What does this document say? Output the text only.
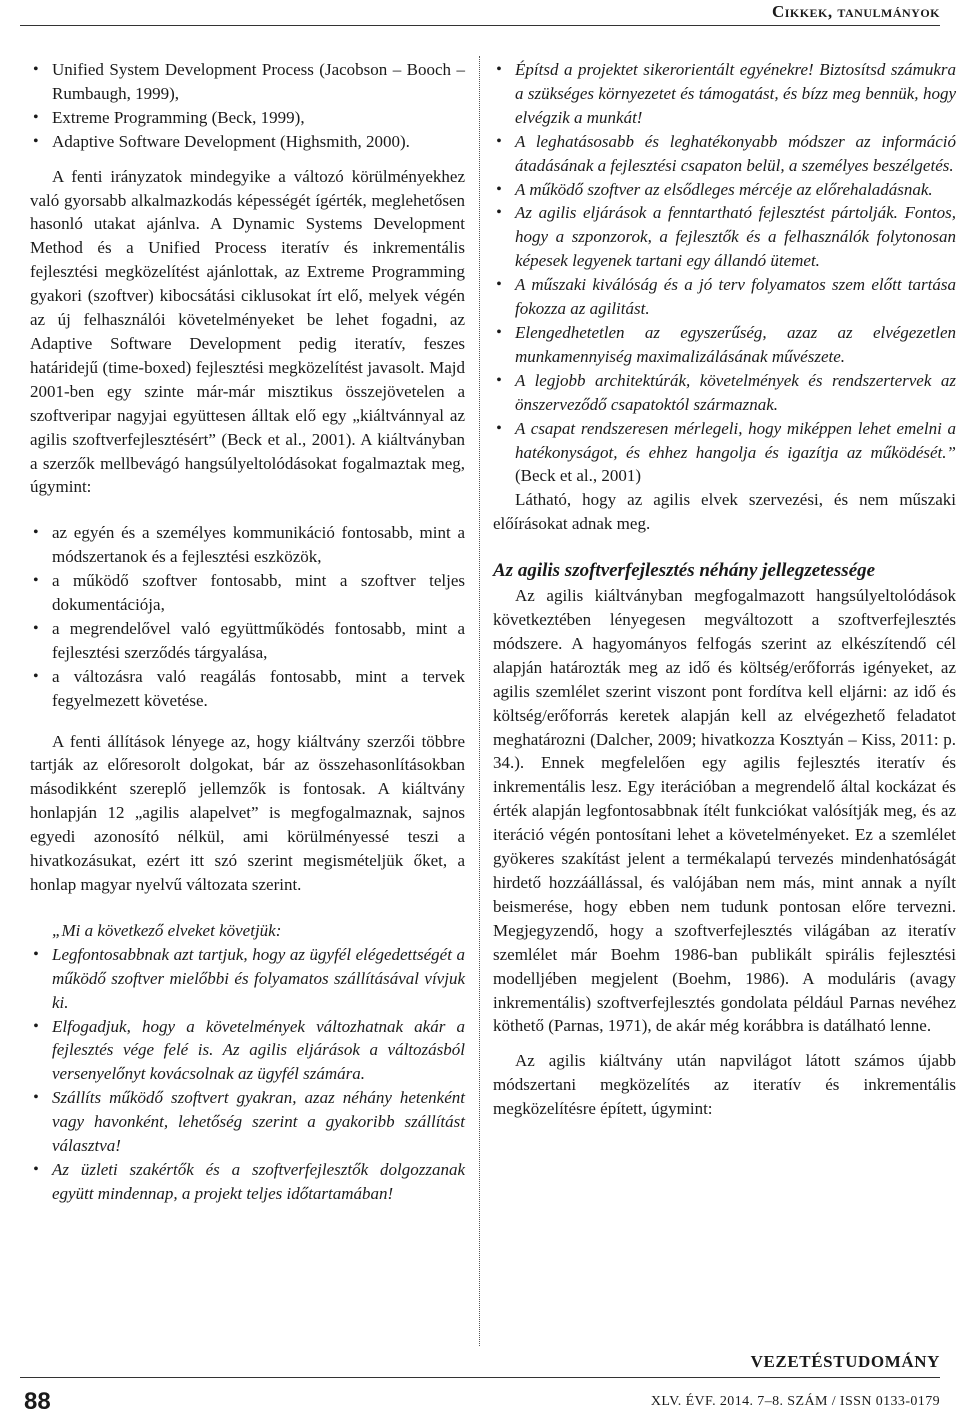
Cikkek, tanulmányok
• Unified System Development Process (Jacobson – Booch – Rumbaugh, 1999),
• Extreme Programming (Beck, 1999),
• Adaptive Software Development (Highsmith, 2000).

A fenti irányzatok mindegyike a változó körülményekhez való gyorsabb alkalmazkodás képességét ígérték, meglehetősen hasonló utakat ajánlva. A Dynamic Systems Development Method és a Unified Process iteratív és inkrementális fejlesztési megközelítést ajánlottak, az Extreme Programming gyakori (szoftver) kibocsátási ciklusokat írt elő, melyek végén az új felhasználói követelményeket be lehet fogadni, az Adaptive Software Development pedig iteratív, feszes határidejű (time-boxed) fejlesztési megközelítést javasolt. Majd 2001-ben egy szinte már-már misztikus összejövetelen a szoftveripar nagyjai együttesen álltak elő egy „kiáltvánnyal az agilis szoftverfejlesztésért” (Beck et al., 2001). A kiáltványban a szerzők mellbevágó hangsúlyeltolódásokat fogalmaztak meg, úgymint:

• az egyén és a személyes kommunikáció fontosabb, mint a módszertanok és a fejlesztési eszközök,
• a működő szoftver fontosabb, mint a szoftver teljes dokumentációja,
• a megrendelővel való együttműködés fontosabb, mint a fejlesztési szerződés tárgyalása,
• a változásra való reagálás fontosabb, mint a tervek fegyelmezett követése.

A fenti állítások lényege az, hogy kiáltvány szerzői többre tartják az előresorolt dolgokat, bár az összehasonlításokban másodikként szereplő jellemzők is fontosak. A kiáltvány honlapján 12 „agilis alapelvet” is megfogalmaznak, sajnos egyedi azonosító nélkül, ami körülményessé teszi a hivatkozásukat, ezért itt szó szerint megismételjük őket, a honlap magyar nyelvű változata szerint.

„Mi a következő elveket követjük:

• Legfontosabbnak azt tartjuk, hogy az ügyfél elégedettségét a működő szoftver mielőbbi és folyamatos szállításával vívjuk ki.
• Elfogadjuk, hogy a követelmények változhatnak akár a fejlesztés vége felé is. Az agilis eljárások a változásból versenyelőnyt kovácsolnak az ügyfél számára.
• Szállíts működő szoftvert gyakran, azaz néhány hetenként vagy havonként, lehetőség szerint a gyakoribb szállítást választva!
• Az üzleti szakértők és a szoftverfejlesztők dolgozzanak együtt mindennap, a projekt teljes időtartamában!
• Építsd a projektet sikerorientált egyénekre! Biztosítsd számukra a szükséges környezetet és támogatást, és bízz meg bennük, hogy elvégzik a munkát!
• A leghatásosabb és leghatékonyabb módszer az információ átadásának a fejlesztési csapaton belül, a személyes beszélgetés.
• A működő szoftver az elsődleges mércéje az előrehaladásnak.
• Az agilis eljárások a fenntartható fejlesztést pártolják. Fontos, hogy a szponzorok, a fejlesztők és a felhasználók folytonosan képesek legyenek tartani egy állandó ütemet.
• A műszaki kiválóság és a jó terv folyamatos szem előtt tartása fokozza az agilitást.
• Elengedhetetlen az egyszerűség, azaz az elvégezetlen munkamennyiség maximalizálásának művészete.
• A legjobb architektúrák, követelmények és rendszertervek az önszerveződő csapatoktól származnak.
• A csapat rendszeresen mérlegeli, hogy miképpen lehet emelni a hatékonyságot, és ehhez hangolja és igazítja az működését.” (Beck et al., 2001)

Látható, hogy az agilis elvek szervezési, és nem műszaki előírásokat adnak meg.

Az agilis szoftverfejlesztés néhány jellegzetessége

Az agilis kiáltványban megfogalmazott hangsúlyeltolódások következtében lényegesen megváltozott a szoftverfejlesztés módszere. A hagyományos felfogás szerint az elkészítendő cél alapján határozták meg az idő és költség/erőforrás igényeket, az agilis szemlélet szerint viszont pont fordítva kell eljárni: az idő és költség/erőforrás keretek alapján kell az elvégezhető feladatot meghatározni (Dalcher, 2009; hivatkozza Kosztyán – Kiss, 2011: p. 34.). Ennek megfelelően egy agilis fejlesztés iteratív és inkrementális lesz. Egy iterációban a megrendelő által kockázat és érték alapján legfontosabbnak ítélt funkciókat valósítják meg, és az iteráció végén pontosítani lehet a követelményeket. Ez a szemlélet gyökeres szakítást jelent a termékalapú tervezés mindenhatóságát hirdető hozzáállással, és valójában nem más, mint annak a nyílt beismerése, hogy ebben nem tudunk pontosan előre tervezni. Megjegyzendő, hogy a szoftverfejlesztés világában az iteratív szemlélet már Boehm 1986-ban publikált spirális fejlesztési modelljében megjelent (Boehm, 1986). A moduláris (avagy inkrementális) szoftverfejlesztés gondolata például Parnas nevéhez köthető (Parnas, 1971), de akár még korábbra is datálható lenne.

Az agilis kiáltvány után napvilágot látott számos újabb módszertani megközelítés az iteratív és inkrementális megközelítésre épített, úgymint:

VEZETÉSTUDOMÁNY
88	XLV. ÉVF. 2014. 7–8. SZÁM / ISSN 0133-0179
